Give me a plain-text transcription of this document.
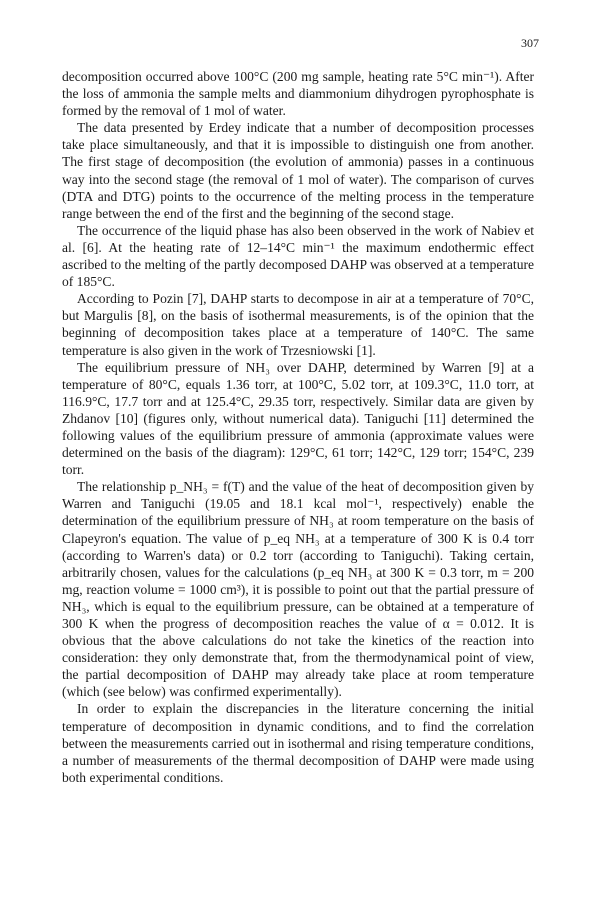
307

decomposition occurred above 100°C (200 mg sample, heating rate 5°C min⁻¹). After the loss of ammonia the sample melts and diammonium dihydrogen pyrophosphate is formed by the removal of 1 mol of water.

The data presented by Erdey indicate that a number of decomposition processes take place simultaneously, and that it is impossible to distinguish one from another. The first stage of decomposition (the evolution of ammonia) passes in a continuous way into the second stage (the removal of 1 mol of water). The comparison of curves (DTA and DTG) points to the occurrence of the melting process in the temperature range between the end of the first and the beginning of the second stage.

The occurrence of the liquid phase has also been observed in the work of Nabiev et al. [6]. At the heating rate of 12–14°C min⁻¹ the maximum endothermic effect ascribed to the melting of the partly decomposed DAHP was observed at a temperature of 185°C.

According to Pozin [7], DAHP starts to decompose in air at a temperature of 70°C, but Margulis [8], on the basis of isothermal measurements, is of the opinion that the beginning of decomposition takes place at a temperature of 140°C. The same temperature is also given in the work of Trzesniowski [1].

The equilibrium pressure of NH₃ over DAHP, determined by Warren [9] at a temperature of 80°C, equals 1.36 torr, at 100°C, 5.02 torr, at 109.3°C, 11.0 torr, at 116.9°C, 17.7 torr and at 125.4°C, 29.35 torr, respectively. Similar data are given by Zhdanov [10] (figures only, without numerical data). Taniguchi [11] determined the following values of the equilibrium pressure of ammonia (approximate values were determined on the basis of the diagram): 129°C, 61 torr; 142°C, 129 torr; 154°C, 239 torr.

The relationship p_NH₃ = f(T) and the value of the heat of decomposition given by Warren and Taniguchi (19.05 and 18.1 kcal mol⁻¹, respectively) enable the determination of the equilibrium pressure of NH₃ at room temperature on the basis of Clapeyron's equation. The value of p_eq NH₃ at a temperature of 300 K is 0.4 torr (according to Warren's data) or 0.2 torr (according to Taniguchi). Taking certain, arbitrarily chosen, values for the calculations (p_eq NH₃ at 300 K = 0.3 torr, m = 200 mg, reaction volume = 1000 cm³), it is possible to point out that the partial pressure of NH₃, which is equal to the equilibrium pressure, can be obtained at a temperature of 300 K when the progress of decomposition reaches the value of α = 0.012. It is obvious that the above calculations do not take the kinetics of the reaction into consideration: they only demonstrate that, from the thermodynamical point of view, the partial decomposition of DAHP may already take place at room temperature (which (see below) was confirmed experimentally).

In order to explain the discrepancies in the literature concerning the initial temperature of decomposition in dynamic conditions, and to find the correlation between the measurements carried out in isothermal and rising temperature conditions, a number of measurements of the thermal decomposition of DAHP were made using both experimental conditions.
